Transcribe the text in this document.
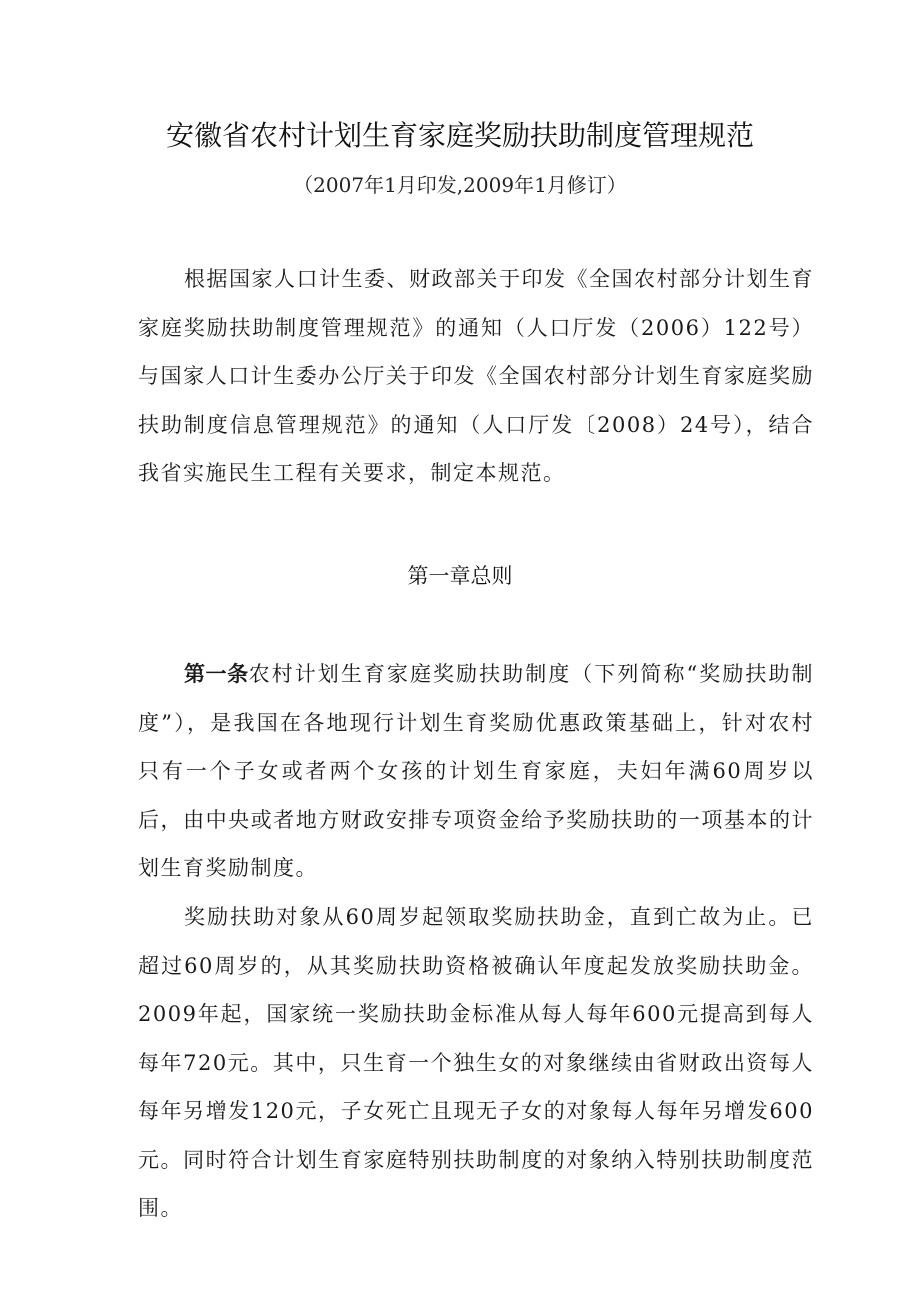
安徽省农村计划生育家庭奖励扶助制度管理规范
（2007年1月印发,2009年1月修订）

根据国家人口计生委、财政部关于印发《全国农村部分计划生育家庭奖励扶助制度管理规范》的通知（人口厅发（2006）122号）与国家人口计生委办公厅关于印发《全国农村部分计划生育家庭奖励扶助制度信息管理规范》的通知（人口厅发〔2008）24号），结合我省实施民生工程有关要求，制定本规范。

第一章总则

第一条农村计划生育家庭奖励扶助制度（下列简称“奖励扶助制度”），是我国在各地现行计划生育奖励优惠政策基础上，针对农村只有一个子女或者两个女孩的计划生育家庭，夫妇年满60周岁以后，由中央或者地方财政安排专项资金给予奖励扶助的一项基本的计划生育奖励制度。

奖励扶助对象从60周岁起领取奖励扶助金，直到亡故为止。已超过60周岁的，从其奖励扶助资格被确认年度起发放奖励扶助金。2009年起，国家统一奖励扶助金标准从每人每年600元提高到每人每年720元。其中，只生育一个独生女的对象继续由省财政出资每人每年另增发120元，子女死亡且现无子女的对象每人每年另增发600元。同时符合计划生育家庭特别扶助制度的对象纳入特别扶助制度范围。
